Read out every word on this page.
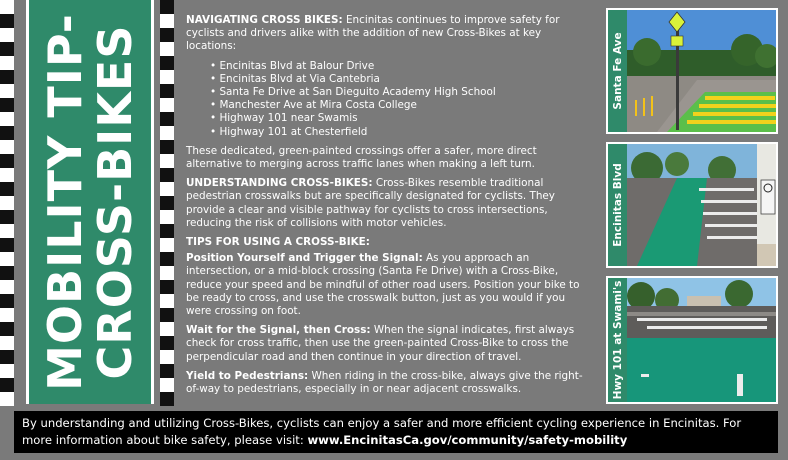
MOBILITY TIP-
CROSS-BIKES

NAVIGATING CROSS BIKES: Encinitas continues to improve safety for cyclists and drivers alike with the addition of new Cross-Bikes at key locations:

• Encinitas Blvd at Balour Drive
• Encinitas Blvd at Via Cantebria
• Santa Fe Drive at San Dieguito Academy High School
• Manchester Ave at Mira Costa College
• Highway 101 near Swamis
• Highway 101 at Chesterfield

These dedicated, green-painted crossings offer a safer, more direct alternative to merging across traffic lanes when making a left turn.

UNDERSTANDING CROSS-BIKES: Cross-Bikes resemble traditional pedestrian crosswalks but are specifically designated for cyclists. They provide a clear and visible pathway for cyclists to cross intersections, reducing the risk of collisions with motor vehicles.

TIPS FOR USING A CROSS-BIKE:

Position Yourself and Trigger the Signal: As you approach an intersection, or a mid-block crossing (Santa Fe Drive) with a Cross-Bike, reduce your speed and be mindful of other road users. Position your bike to be ready to cross, and use the crosswalk button, just as you would if you were crossing on foot.

Wait for the Signal, then Cross: When the signal indicates, first always check for cross traffic, then use the green-painted Cross-Bike to cross the perpendicular road and then continue in your direction of travel.

Yield to Pedestrians: When riding in the cross-bike, always give the right-of-way to pedestrians, especially in or near adjacent crosswalks.

Santa Fe Ave
Encinitas Blvd
Hwy 101 at Swami's
By understanding and utilizing Cross-Bikes, cyclists can enjoy a safer and more efficient cycling experience in Encinitas. For more information about bike safety, please visit: www.EncinitasCa.gov/community/safety-mobility
